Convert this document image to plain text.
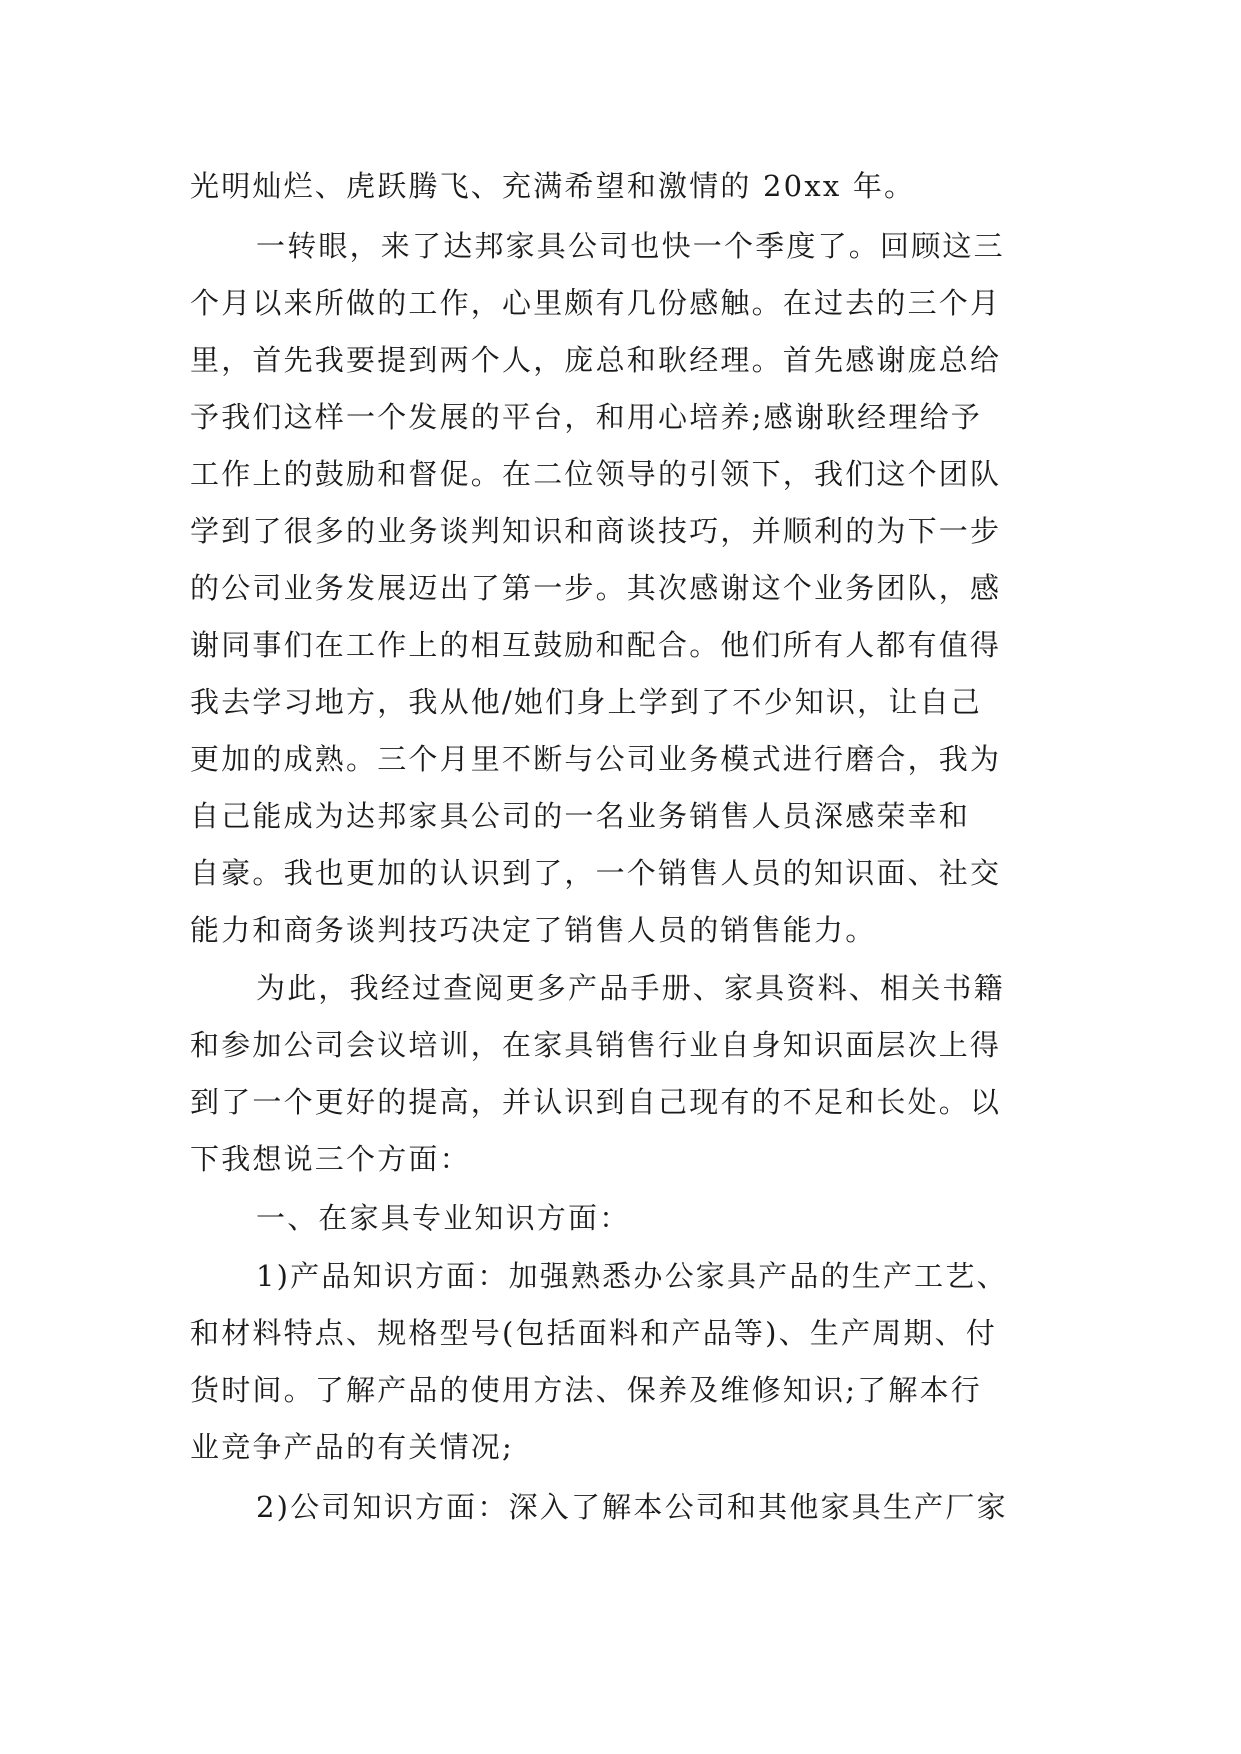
光明灿烂、虎跃腾飞、充满希望和激情的 20xx 年。
一转眼，来了达邦家具公司也快一个季度了。回顾这三
个月以来所做的工作，心里颇有几份感触。在过去的三个月
里，首先我要提到两个人，庞总和耿经理。首先感谢庞总给
予我们这样一个发展的平台，和用心培养;感谢耿经理给予
工作上的鼓励和督促。在二位领导的引领下，我们这个团队
学到了很多的业务谈判知识和商谈技巧，并顺利的为下一步
的公司业务发展迈出了第一步。其次感谢这个业务团队，感
谢同事们在工作上的相互鼓励和配合。他们所有人都有值得
我去学习地方，我从他/她们身上学到了不少知识，让自己
更加的成熟。三个月里不断与公司业务模式进行磨合，我为
自己能成为达邦家具公司的一名业务销售人员深感荣幸和
自豪。我也更加的认识到了，一个销售人员的知识面、社交
能力和商务谈判技巧决定了销售人员的销售能力。
为此，我经过查阅更多产品手册、家具资料、相关书籍
和参加公司会议培训，在家具销售行业自身知识面层次上得
到了一个更好的提高，并认识到自己现有的不足和长处。以
下我想说三个方面：
一、在家具专业知识方面：
1)产品知识方面：加强熟悉办公家具产品的生产工艺、
和材料特点、规格型号(包括面料和产品等)、生产周期、付
货时间。了解产品的使用方法、保养及维修知识;了解本行
业竞争产品的有关情况;
2)公司知识方面：深入了解本公司和其他家具生产厂家
